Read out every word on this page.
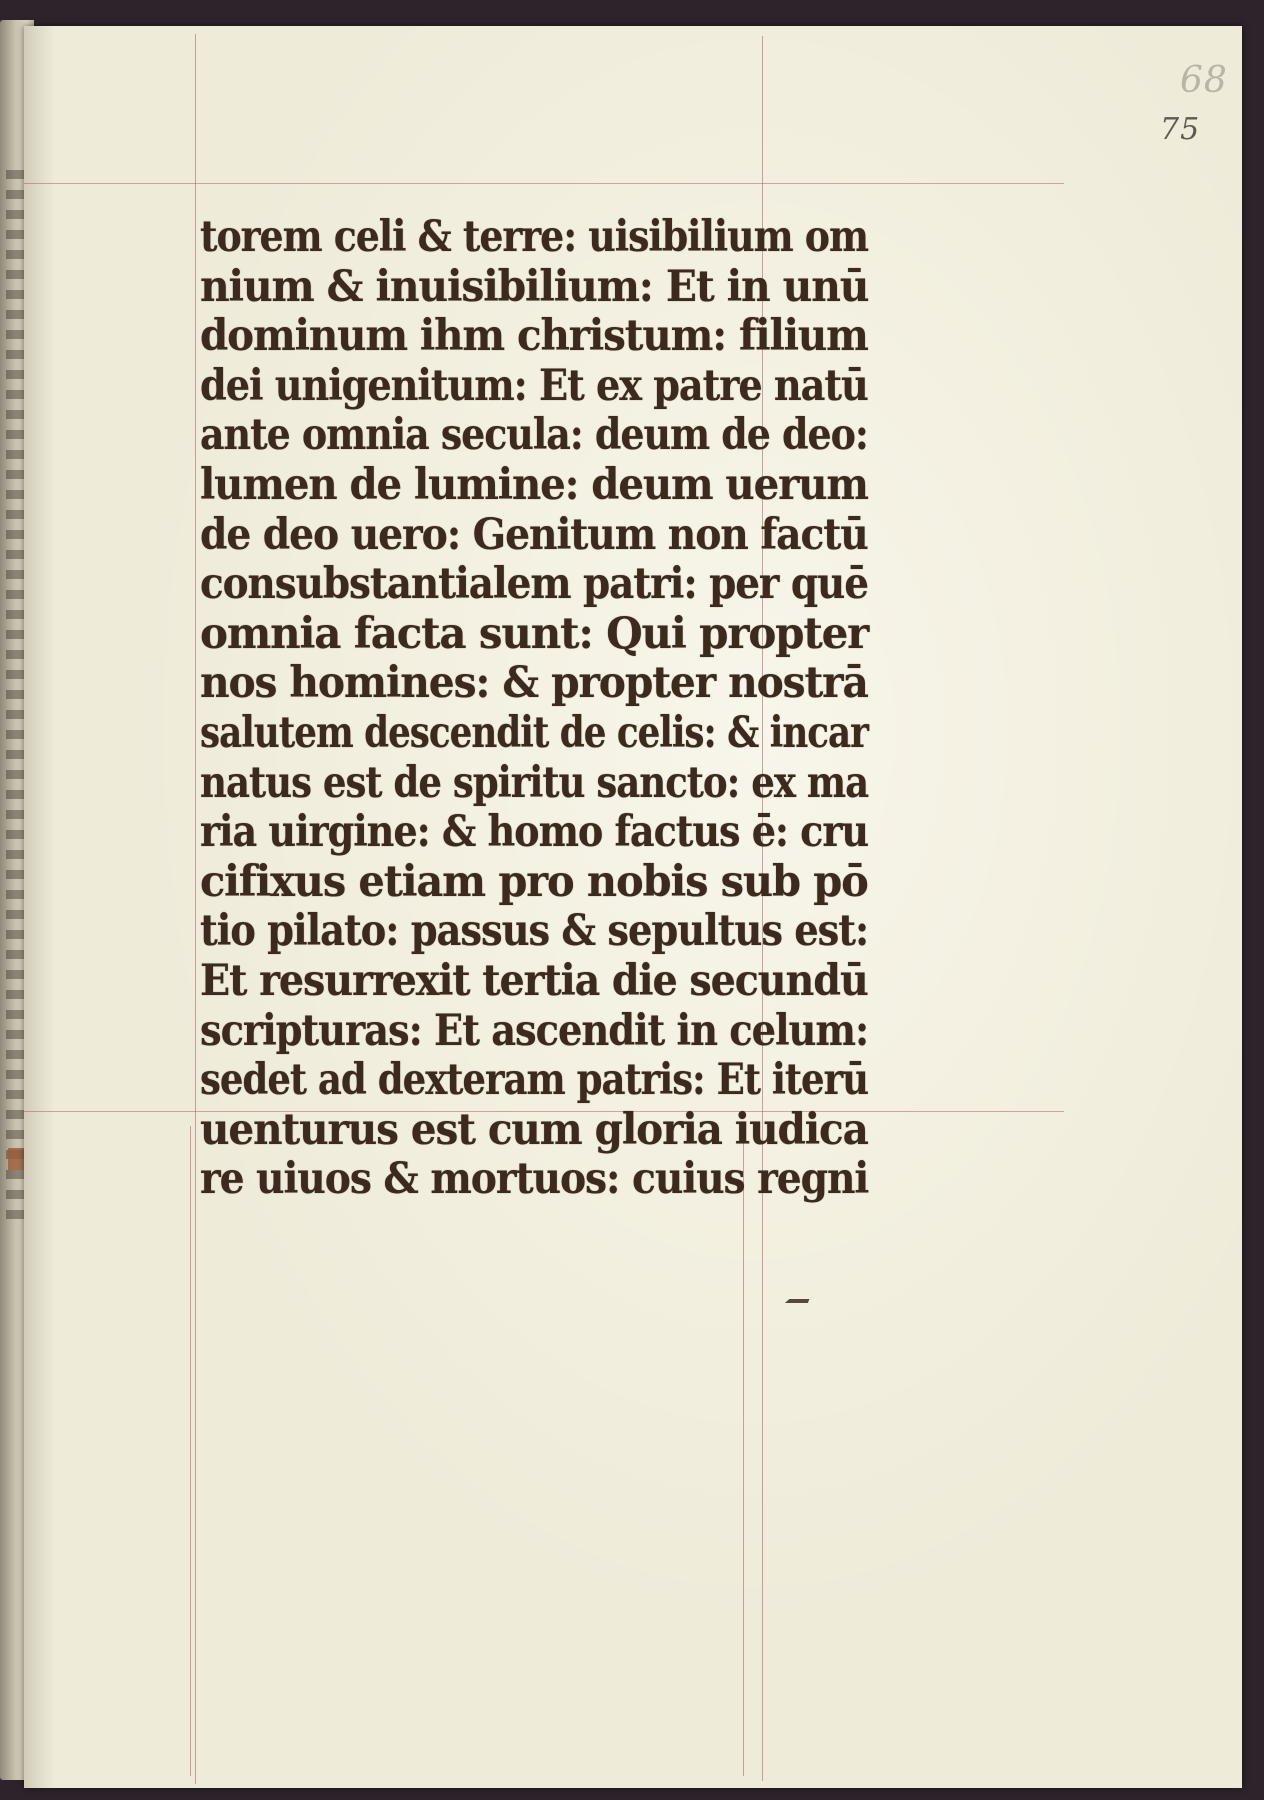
68
75
torem celi & terre: uisibilium om
nium & inuisibilium: Et in unū
dominum ihm christum: filium
dei unigenitum: Et ex patre natū
ante omnia secula: deum de deo:
lumen de lumine: deum uerum
de deo uero: Genitum non factū
consubstantialem patri: per quē
omnia facta sunt: Qui propter
nos homines: & propter nostrā
salutem descendit de celis: & incar
natus est de spiritu sancto: ex ma
ria uirgine: & homo factus ē: cru
cifixus etiam pro nobis sub pō
tio pilato: passus & sepultus est:
Et resurrexit tertia die secundū
scripturas: Et ascendit in celum:
sedet ad dexteram patris: Et iterū
uenturus est cum gloria iudica
re uiuos & mortuos: cuius regni
